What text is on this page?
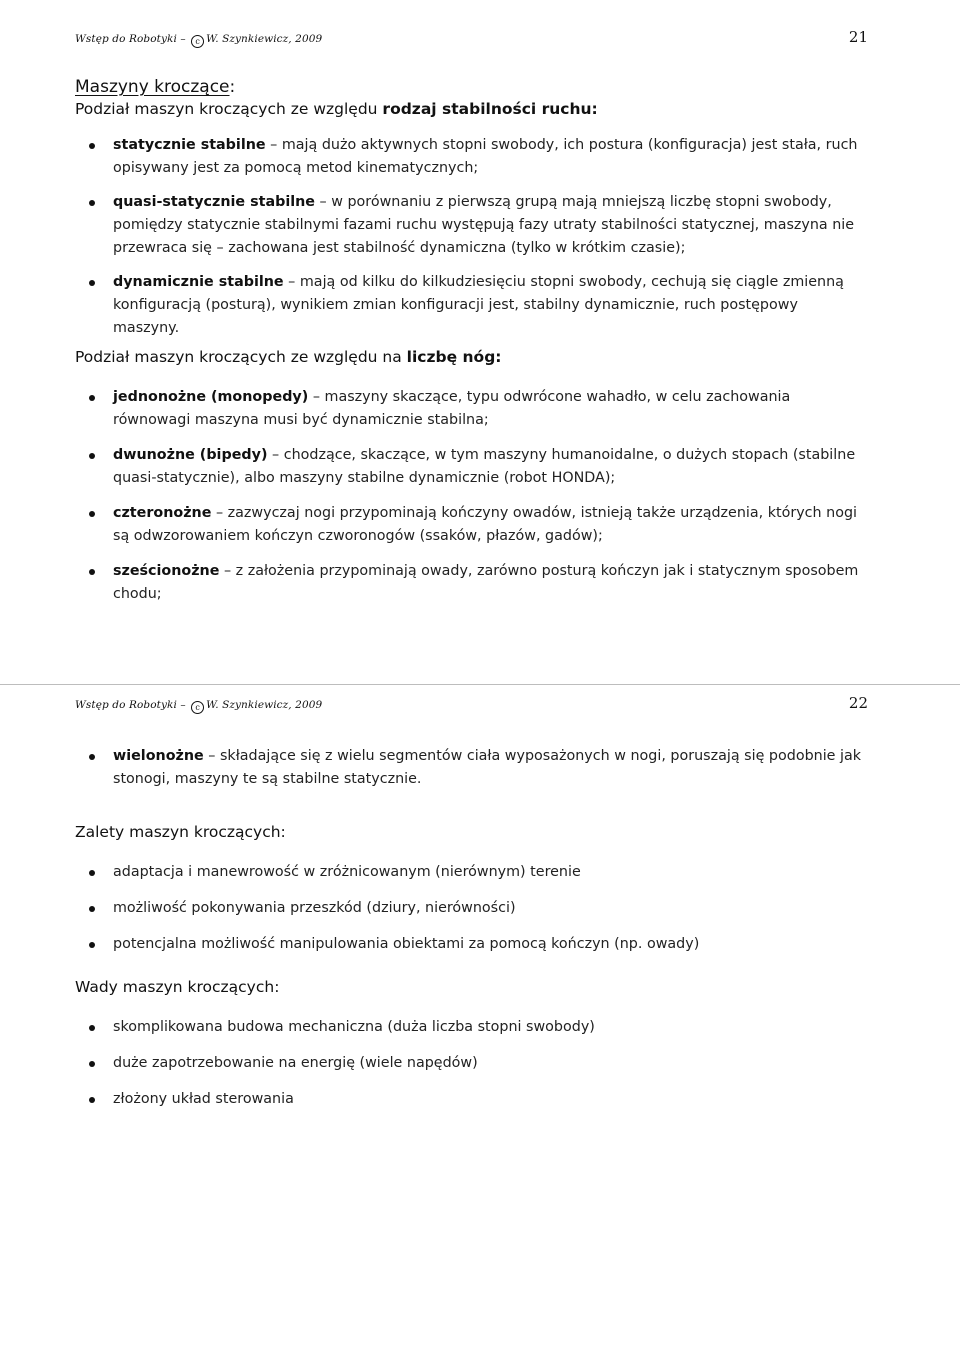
Wstęp do Robotyki – c W. Szynkiewicz, 2009	21
Maszyny kroczące:
Podział maszyn kroczących ze względu rodzaj stabilności ruchu:
statycznie stabilne – mają dużo aktywnych stopni swobody, ich postura (konfiguracja) jest stała, ruch opisywany jest za pomocą metod kinematycznych;
quasi-statycznie stabilne – w porównaniu z pierwszą grupą mają mniejszą liczbę stopni swobody, pomiędzy statycznie stabilnymi fazami ruchu występują fazy utraty stabilności statycznej, maszyna nie przewraca się – zachowana jest stabilność dynamiczna (tylko w krótkim czasie);
dynamicznie stabilne – mają od kilku do kilkudziesięciu stopni swobody, cechują się ciągle zmienną konfiguracją (posturą), wynikiem zmian konfiguracji jest, stabilny dynamicznie, ruch postępowy maszyny.
Podział maszyn kroczących ze względu na liczbę nóg:
jednonożne (monopedy) – maszyny skaczące, typu odwrócone wahadło, w celu zachowania równowagi maszyna musi być dynamicznie stabilna;
dwunożne (bipedy) – chodzące, skaczące, w tym maszyny humanoidalne, o dużych stopach (stabilne quasi-statycznie), albo maszyny stabilne dynamicznie (robot HONDA);
czteronożne – zazwyczaj nogi przypominają kończyny owadów, istnieją także urządzenia, których nogi są odwzorowaniem kończyn czworonogów (ssaków, płazów, gadów);
sześcionożne – z założenia przypominają owady, zarówno posturą kończyn jak i statycznym sposobem chodu;
Wstęp do Robotyki – c W. Szynkiewicz, 2009	22
wielonożne – składające się z wielu segmentów ciała wyposażonych w nogi, poruszają się podobnie jak stonogi, maszyny te są stabilne statycznie.
Zalety maszyn kroczących:
adaptacja i manewrowość w zróżnicowanym (nierównym) terenie
możliwość pokonywania przeszkód (dziury, nierówności)
potencjalna możliwość manipulowania obiektami za pomocą kończyn (np. owady)
Wady maszyn kroczących:
skomplikowana budowa mechaniczna (duża liczba stopni swobody)
duże zapotrzebowanie na energię (wiele napędów)
złożony układ sterowania
